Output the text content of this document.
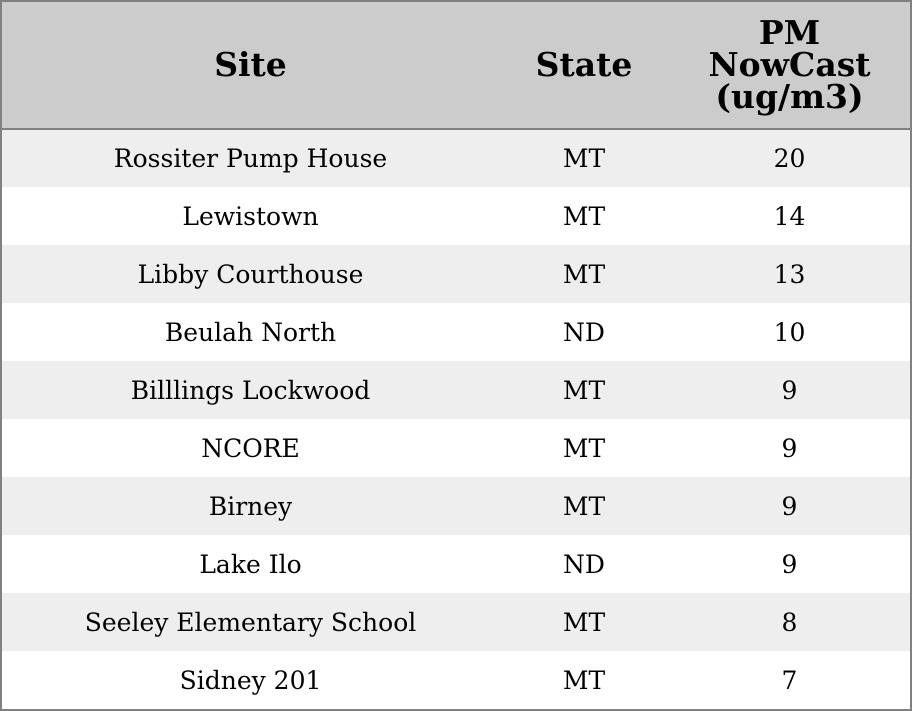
Site	State	PM
NowCast
(ug/m3)

Rossiter Pump House	MT	20
Lewistown	MT	14
Libby Courthouse	MT	13
Beulah North	ND	10
Billlings Lockwood	MT	9
NCORE	MT	9
Birney	MT	9
Lake Ilo	ND	9
Seeley Elementary School	MT	8
Sidney 201	MT	7
